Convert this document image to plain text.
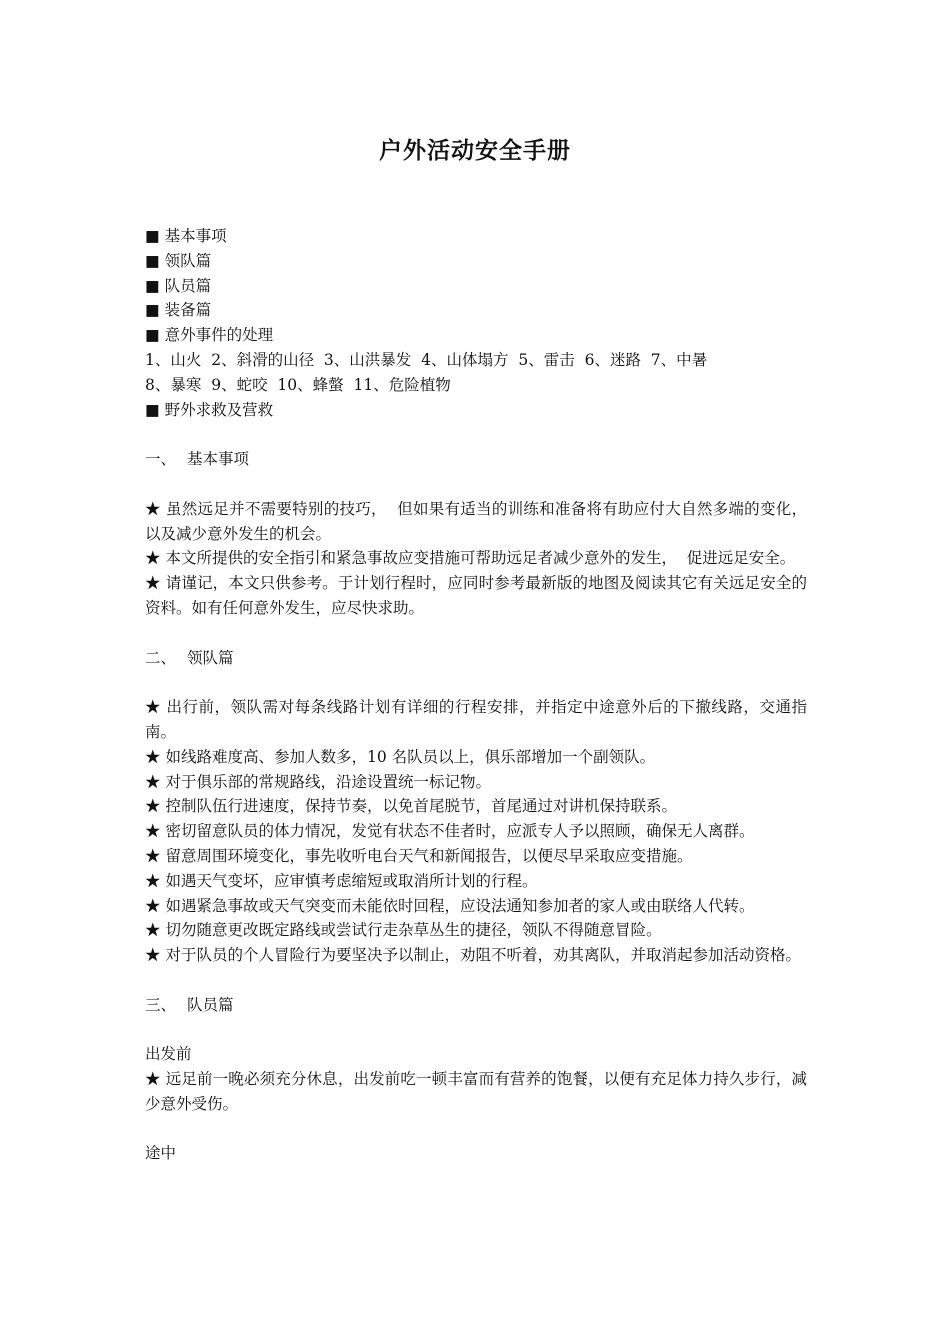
户外活动安全手册

■ 基本事项

■ 领队篇

■ 队员篇

■ 装备篇

■ 意外事件的处理

1、山火  2、斜滑的山径  3、山洪暴发  4、山体塌方  5、雷击  6、迷路  7、中暑

8、暴寒  9、蛇咬  10、蜂螫  11、危险植物

■ 野外求救及营救

一、 基本事项

★ 虽然远足并不需要特别的技巧，  但如果有适当的训练和准备将有助应付大自然多端的变化，以及减少意外发生的机会。

★ 本文所提供的安全指引和紧急事故应变措施可帮助远足者减少意外的发生，  促进远足安全。

★ 请谨记，本文只供参考。于计划行程时，应同时参考最新版的地图及阅读其它有关远足安全的资料。如有任何意外发生，应尽快求助。

二、 领队篇

★ 出行前，领队需对每条线路计划有详细的行程安排，并指定中途意外后的下撤线路，交通指南。

★ 如线路难度高、参加人数多，10 名队员以上，俱乐部增加一个副领队。

★ 对于俱乐部的常规路线，沿途设置统一标记物。

★ 控制队伍行进速度，保持节奏，以免首尾脱节，首尾通过对讲机保持联系。

★ 密切留意队员的体力情况，发觉有状态不佳者时，应派专人予以照顾，确保无人离群。

★ 留意周围环境变化，事先收听电台天气和新闻报告，以便尽早采取应变措施。

★ 如遇天气变坏，应审慎考虑缩短或取消所计划的行程。

★ 如遇紧急事故或天气突变而未能依时回程，应设法通知参加者的家人或由联络人代转。

★ 切勿随意更改既定路线或尝试行走杂草丛生的捷径，领队不得随意冒险。

★ 对于队员的个人冒险行为要坚决予以制止，劝阻不听着，劝其离队，并取消起参加活动资格。

三、 队员篇

出发前

★ 远足前一晚必须充分休息，出发前吃一顿丰富而有营养的饱餐，以便有充足体力持久步行，减少意外受伤。

途中
